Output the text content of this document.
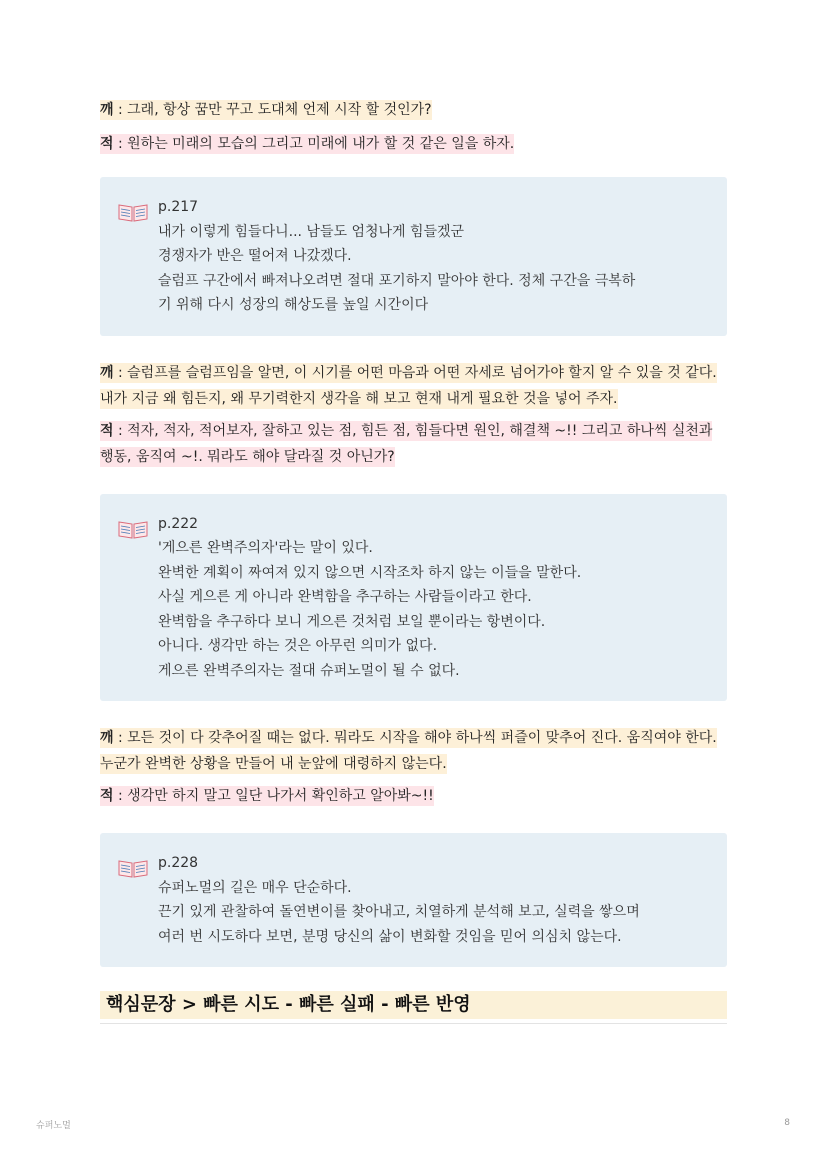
깨 : 그래, 항상 꿈만 꾸고 도대체 언제 시작 할 것인가?

적 : 원하는 미래의 모습의 그리고 미래에 내가 할 것 같은 일을 하자.

p.217

내가 이렇게 힘들다니... 남들도 엄청나게 힘들겠군

경쟁자가 반은 떨어져 나갔겠다.

슬럼프 구간에서 빠져나오려면 절대 포기하지 말아야 한다. 정체 구간을 극복하

기 위해 다시 성장의 해상도를 높일 시간이다

깨 : 슬럼프를 슬럼프임을 알면, 이 시기를 어떤 마음과 어떤 자세로 넘어가야 할지 알 수 있을 것 같다. 내가 지금 왜 힘든지, 왜 무기력한지 생각을 해 보고 현재 내게 필요한 것을 넣어 주자.

적 : 적자, 적자, 적어보자, 잘하고 있는 점, 힘든 점, 힘들다면 원인, 해결책 ~!! 그리고 하나씩 실천과 행동, 움직여 ~!. 뭐라도 해야 달라질 것 아닌가?

p.222

'게으른 완벽주의자'라는 말이 있다.

완벽한 계획이 짜여져 있지 않으면 시작조차 하지 않는 이들을 말한다.

사실 게으른 게 아니라 완벽함을 추구하는 사람들이라고 한다.

완벽함을 추구하다 보니 게으른 것처럼 보일 뿐이라는 항변이다.

아니다. 생각만 하는 것은 아무런 의미가 없다.

게으른 완벽주의자는 절대 슈퍼노멀이 될 수 없다.

깨 : 모든 것이 다 갖추어질 때는 없다. 뭐라도 시작을 해야 하나씩 퍼즐이 맞추어 진다. 움직여야 한다. 누군가 완벽한 상황을 만들어 내 눈앞에 대령하지 않는다.

적 : 생각만 하지 말고 일단 나가서 확인하고 알아봐~!!

p.228

슈퍼노멀의 길은 매우 단순하다.

끈기 있게 관찰하여 돌연변이를 찾아내고, 치열하게 분석해 보고, 실력을 쌓으며

여러 번 시도하다 보면, 분명 당신의 삶이 변화할 것임을 믿어 의심치 않는다.

핵심문장 > 빠른 시도 - 빠른 실패 - 빠른 반영
슈퍼노멀	8
